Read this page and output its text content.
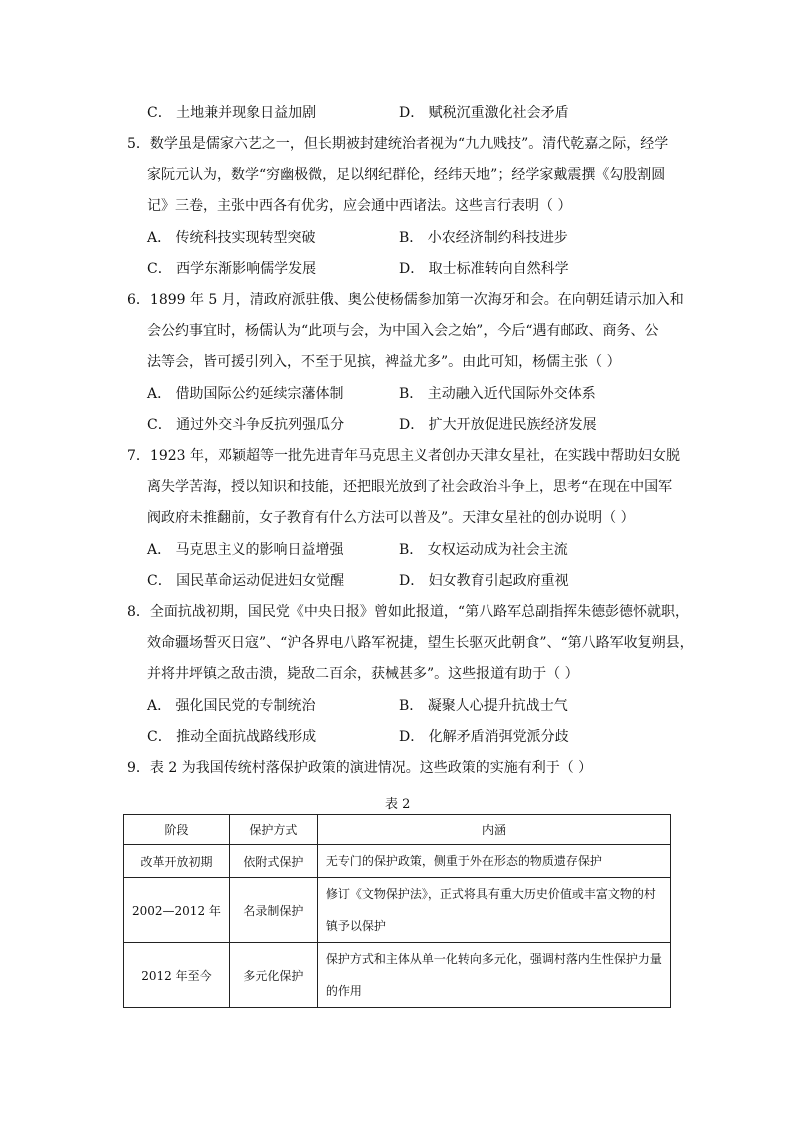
C． 土地兼并现象日益加剧	D． 赋税沉重激化社会矛盾
5．数学虽是儒家六艺之一，但长期被封建统治者视为“九九贱技”。清代乾嘉之际，经学
家阮元认为，数学“穷幽极微，足以纲纪群伦，经纬天地”；经学家戴震撰《勾股割圆
记》三卷，主张中西各有优劣，应会通中西诸法。这些言行表明（ ）
A． 传统科技实现转型突破	B． 小农经济制约科技进步
C． 西学东渐影响儒学发展	D． 取士标准转向自然科学
6．1899 年 5 月，清政府派驻俄、奥公使杨儒参加第一次海牙和会。在向朝廷请示加入和
会公约事宜时，杨儒认为“此项与会，为中国入会之始”，今后“遇有邮政、商务、公
法等会，皆可援引列入，不至于见摈，裨益尤多”。由此可知，杨儒主张（ ）
A． 借助国际公约延续宗藩体制	B． 主动融入近代国际外交体系
C． 通过外交斗争反抗列强瓜分	D． 扩大开放促进民族经济发展
7．1923 年，邓颖超等一批先进青年马克思主义者创办天津女星社，在实践中帮助妇女脱
离失学苦海，授以知识和技能，还把眼光放到了社会政治斗争上，思考“在现在中国军
阀政府未推翻前，女子教育有什么方法可以普及”。天津女星社的创办说明（ ）
A． 马克思主义的影响日益增强	B． 女权运动成为社会主流
C． 国民革命运动促进妇女觉醒	D． 妇女教育引起政府重视
8．全面抗战初期，国民党《中央日报》曾如此报道，“第八路军总副指挥朱德彭德怀就职，
效命疆场誓灭日寇”、“沪各界电八路军祝捷，望生长驱灭此朝食”、“第八路军收复朔县，
并将井坪镇之敌击溃，毙敌二百余，获械甚多”。这些报道有助于（ ）
A． 强化国民党的专制统治	B． 凝聚人心提升抗战士气
C． 推动全面抗战路线形成	D． 化解矛盾消弭党派分歧
9．表 2 为我国传统村落保护政策的演进情况。这些政策的实施有利于（ ）
表 2
阶段	保护方式	内涵
改革开放初期	依附式保护	无专门的保护政策，侧重于外在形态的物质遗存保护
2002—2012 年	名录制保护	修订《文物保护法》，正式将具有重大历史价值或丰富文物的村镇予以保护
2012 年至今	多元化保护	保护方式和主体从单一化转向多元化，强调村落内生性保护力量的作用
